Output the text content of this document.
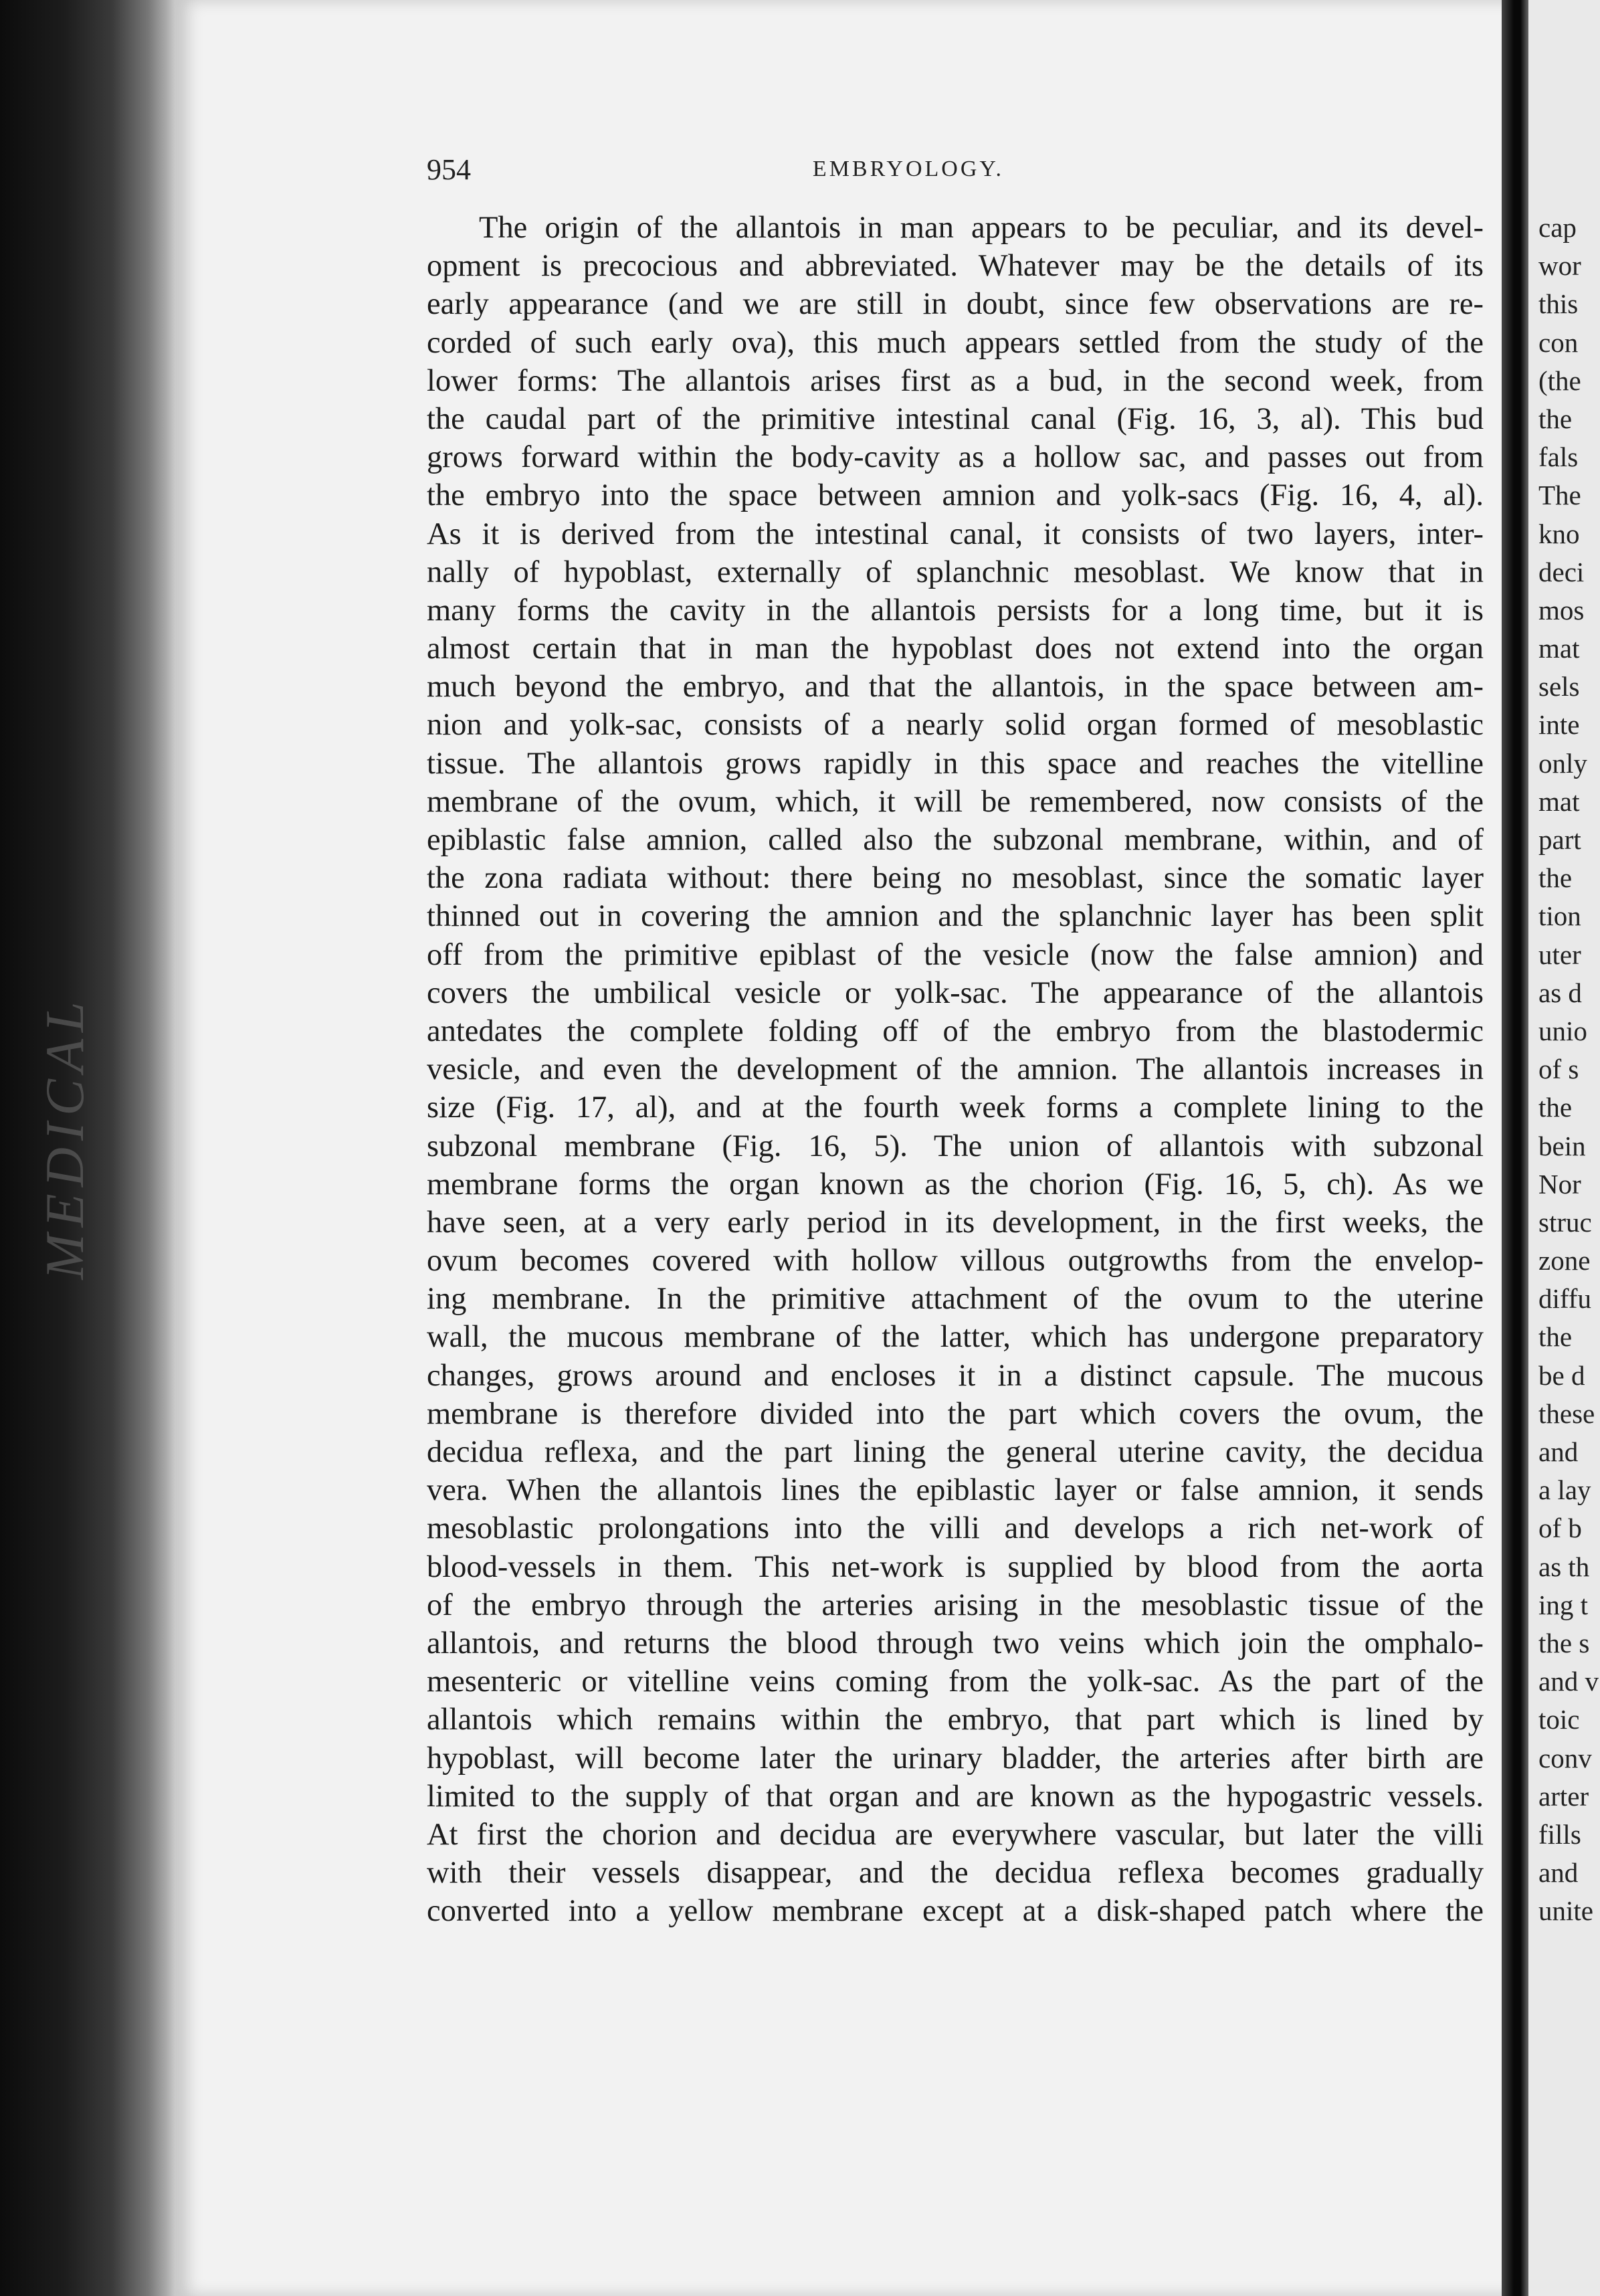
MEDICAL
954	EMBRYOLOGY.
The origin of the allantois in man appears to be peculiar, and its devel-
opment is precocious and abbreviated. Whatever may be the details of its
early appearance (and we are still in doubt, since few observations are re-
corded of such early ova), this much appears settled from the study of the
lower forms: The allantois arises first as a bud, in the second week, from
the caudal part of the primitive intestinal canal (Fig. 16, 3, al). This bud
grows forward within the body-cavity as a hollow sac, and passes out from
the embryo into the space between amnion and yolk-sacs (Fig. 16, 4, al).
As it is derived from the intestinal canal, it consists of two layers, inter-
nally of hypoblast, externally of splanchnic mesoblast. We know that in
many forms the cavity in the allantois persists for a long time, but it is
almost certain that in man the hypoblast does not extend into the organ
much beyond the embryo, and that the allantois, in the space between am-
nion and yolk-sac, consists of a nearly solid organ formed of mesoblastic
tissue. The allantois grows rapidly in this space and reaches the vitelline
membrane of the ovum, which, it will be remembered, now consists of the
epiblastic false amnion, called also the subzonal membrane, within, and of
the zona radiata without: there being no mesoblast, since the somatic layer
thinned out in covering the amnion and the splanchnic layer has been split
off from the primitive epiblast of the vesicle (now the false amnion) and
covers the umbilical vesicle or yolk-sac. The appearance of the allantois
antedates the complete folding off of the embryo from the blastodermic
vesicle, and even the development of the amnion. The allantois increases in
size (Fig. 17, al), and at the fourth week forms a complete lining to the
subzonal membrane (Fig. 16, 5). The union of allantois with subzonal
membrane forms the organ known as the chorion (Fig. 16, 5, ch). As we
have seen, at a very early period in its development, in the first weeks, the
ovum becomes covered with hollow villous outgrowths from the envelop-
ing membrane. In the primitive attachment of the ovum to the uterine
wall, the mucous membrane of the latter, which has undergone preparatory
changes, grows around and encloses it in a distinct capsule. The mucous
membrane is therefore divided into the part which covers the ovum, the
decidua reflexa, and the part lining the general uterine cavity, the decidua
vera. When the allantois lines the epiblastic layer or false amnion, it sends
mesoblastic prolongations into the villi and develops a rich net-work of
blood-vessels in them. This net-work is supplied by blood from the aorta
of the embryo through the arteries arising in the mesoblastic tissue of the
allantois, and returns the blood through two veins which join the omphalo-
mesenteric or vitelline veins coming from the yolk-sac. As the part of the
allantois which remains within the embryo, that part which is lined by
hypoblast, will become later the urinary bladder, the arteries after birth are
limited to the supply of that organ and are known as the hypogastric vessels.
At first the chorion and decidua are everywhere vascular, but later the villi
with their vessels disappear, and the decidua reflexa becomes gradually
converted into a yellow membrane except at a disk-shaped patch where the
cap
wor
this
con
(the
the
fals
The
kno
deci
mos
mat
sels
inte
only
mat
part
the
tion
uter
as d
unio
of s
the
bein
Nor
struc
zone
diffu
the
be d
these
and
a lay
of b
as th
ing t
the s
and v
toic
conv
arter
fills
and
unite
